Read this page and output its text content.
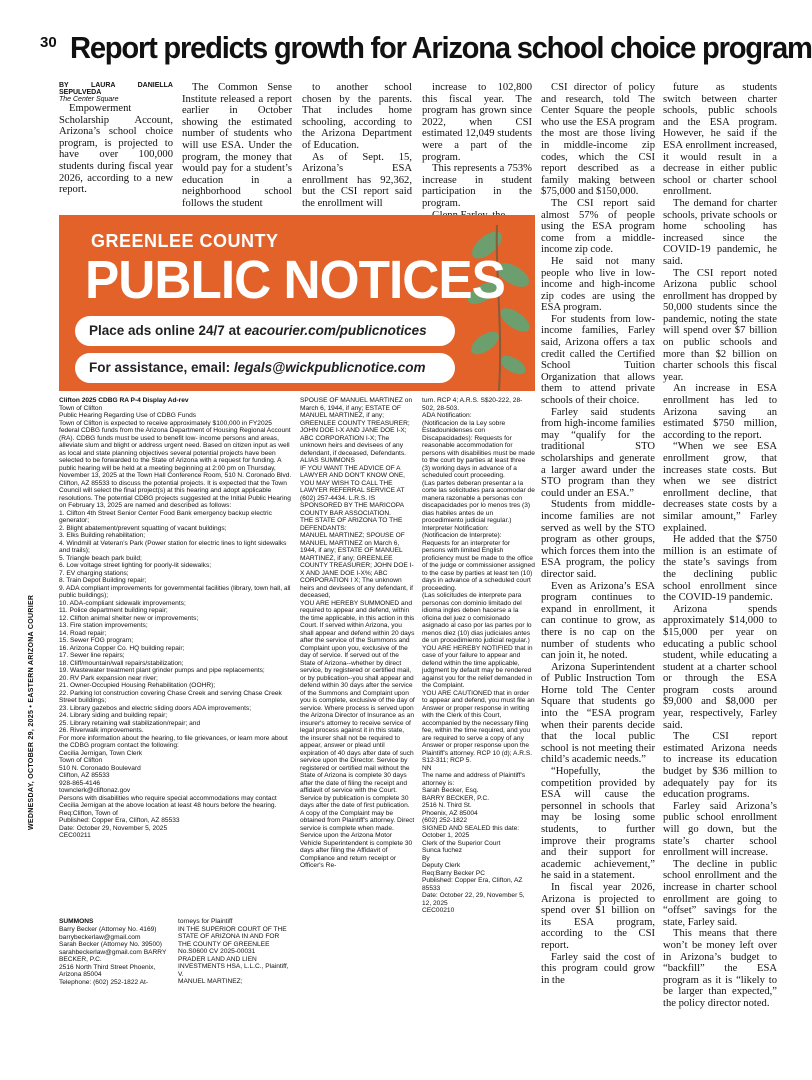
30 Report predicts growth for Arizona school choice program
WEDNESDAY, OCTOBER 29, 2025 • EASTERN ARIZONA COURIER

BY LAURA DANIELLA SEPULVEDA

The Center Square

Empowerment Scholarship Account, Arizona’s school choice program, is projected to have over 100,000 students during fiscal year 2026, according to a new report.

The Common Sense Institute released a report earlier in October showing the estimated number of students who will use ESA. Under the program, the money that would pay for a student’s education in a neighborhood school follows the student

to another school chosen by the parents. That includes home schooling, according to the Arizona Department of Education.

As of Sept. 15, Arizona’s ESA enrollment has 92,362, but the CSI report said the enrollment will

increase to 102,800 this fiscal year. The program has grown since 2022, when CSI estimated 12,049 students were a part of the program.

This represents a 753% increase in student participation in the program.

CSI director of policy and research, told The Center Square the people who use the ESA program the most are those living in middle-income zip codes, which the CSI report described as a family making between $75,000 and $150,000.

The CSI report said almost 57% of people using the ESA program come from a middle-income zip code.

He said not many people who live in low-income and high-income zip codes are using the ESA program.

For students from low-income families, Farley said, Arizona offers a tax credit called the Certified School Tuition Organization that allows them to attend private schools of their choice.

Farley said students from high-income families may “qualify for the traditional STO scholarships and generate a larger award under the STO program than they could under an ESA.”

Students from middle-income families are not served as well by the STO program as other groups, which forces them into the ESA program, the policy director said.

Even as Arizona’s ESA program continues to expand in enrollment, it can continue to grow, as there is no cap on the number of students who can join it, he noted.

Arizona Superintendent of Public Instruction Tom Horne told The Center Square that students go into the “ESA program when their parents decide that the local public school is not meeting their child’s academic needs.”

“Hopefully, the competition provided by ESA will cause the personnel in schools that may be losing some students, to further improve their programs and their support for academic achievement,” he said in a statement.

In fiscal year 2026, Arizona is projected to spend over $1 billion on its ESA program, according to the CSI report.

Farley said the cost of this program could grow in the

future as students switch between charter schools, public schools and the ESA program. However, he said if the ESA enrollment increased, it would result in a decrease in either public school or charter school enrollment.

The demand for charter schools, private schools or home schooling has increased since the COVID-19 pandemic, he said.

The CSI report noted Arizona public school enrollment has dropped by 50,000 students since the pandemic, noting the state will spend over $7 billion on public schools and more than $2 billion on charter schools this fiscal year.

An increase in ESA enrollment has led to Arizona saving an estimated $750 million, according to the report.

“When we see ESA enrollment grow, that increases state costs. But when we see district enrollment decline, that decreases state costs by a similar amount,” Farley explained.

He added that the $750 million is an estimate of the state’s savings from the declining public school enrollment since the COVID-19 pandemic.

Arizona spends approximately $14,000 to $15,000 per year on educating a public school student, while educating a student at a charter school or through the ESA program costs around $9,000 and $8,000 per year, respectively, Farley said.

The CSI report estimated Arizona needs to increase its education budget by $36 million to adequately pay for its education programs.

Farley said Arizona’s public school enrollment will go down, but the state’s charter school enrollment will increase.

The decline in public school enrollment and the increase in charter school enrollment are going to “offset” savings for the state, Farley said.

This means that there won’t be money left over in Arizona’s budget to “backfill” the ESA program as it is “likely to be larger than expected,” the policy director noted.

GREENLEE COUNTY
PUBLIC NOTICES
Place ads online 24/7 at eacourier.com/publicnotices
For assistance, email: legals@wickpublicnotice.com
Clifton 2025 CDBG RA P-4 Display Ad-rev
Town of Clifton
Public Hearing Regarding Use of CDBG Funds
Town of Clifton is expected to receive approximately $100,000 in FY2025 federal CDBG funds from the Arizona Department of Housing Regional Account (RA). CDBG funds must be used to benefit low- income persons and areas, alleviate slum and blight or address urgent need. Based on citizen input as well as local and state planning objectives several potential projects have been selected to be forwarded to the State of Arizona with a request for funding. A public hearing will be held at a meeting beginning at 2:00 pm on Thursday, November 13, 2025 at the Town Hall Conference Room, 510 N. Coronado Blvd. Clifton, AZ 85533 to discuss the potential projects. It is expected that the Town Council will select the final project(s) at this hearing and adopt applicable resolutions. The potential CDBG projects suggested at the Initial Public Hearing on February 13, 2025 are named and described as follows:
1. Clifton 4th Street Senior Center Food Bank emergency backup electric generator;
2. Blight abatement/prevent squatting of vacant buildings;
3. Elks Building rehabilitation;
4. Windmill at Veteran’s Park (Power station for electric lines to light sidewalks and trails);
5. Triangle beach park build;
6. Low voltage street lighting for poorly-lit sidewalks;
7. EV charging stations;
8. Train Depot Building repair;
9. ADA compliant improvements for governmental facilities (library, town hall, all public buildings);
10. ADA-compliant sidewalk improvements;
11. Police department building repair;
12. Clifton animal shelter new or improvements;
13. Fire station improvements;
14. Road repair;
15. Sewer FOG program;
16. Arizona Copper Co. HQ building repair;
17. Sewer line repairs;
18. Cliff/mountain/wall repairs/stabilization;
19. Wastewater treatment plant grinder pumps and pipe replacements;
20. RV Park expansion near river;
21. Owner-Occupied Housing Rehabilitation (OOHR);
22. Parking lot construction covering Chase Creek and serving Chase Creek Street buildings;
23. Library gazebos and electric sliding doors ADA improvements;
24. Library siding and building repair;
25. Library retaining wall stabilization/repair; and
26. Riverwalk improvements.
For more information about the hearing, to file grievances, or learn more about the CDBG program contact the following:
Cecilia Jernigan, Town Clerk
Town of Clifton
510 N. Coronado Boulevard
Clifton, AZ 85533
928-865-4146
townclerk@cliftonaz.gov
Persons with disabilities who require special accommodations may contact Cecilia Jernigan at the above location at least 48 hours before the hearing.
Req:Clifton, Town of
Published: Copper Era, Clifton, AZ 85533
Date: October 29, November 5, 2025
CEC00211
SUMMONS
Barry Becker (Attorney No. 4169)
barrybeckerlaw@gmail.com
Sarah Becker (Attorney No. 39500) sarahbeckerlaw@gmail.com BARRY BECKER, P.C.
2516 North Third Street Phoenix, Arizona 85004
Telephone: (602) 252-1822 At-
torneys for Plaintiff
IN THE SUPERIOR COURT OF THE STATE OF ARIZONA IN AND FOR THE COUNTY OF GREENLEE
No.S0600 CV 2025-00031
PRADER LAND AND LIEN INVESTMENTS HSA, L.L.C., Plaintiff,
V.
MANUEL MARTINEZ;
SPOUSE OF MANUEL MARTINEZ on March 6, 1944, if any; ESTATE OF MANUEL MARTINEZ, if any; GREENLEE COUNTY TREASURER; JOHN DOE I-X AND JANE DOE I-X; ABC CORPORATION I-X; The unknown heirs and devisees of any defendant, if deceased, Defendants.
ALIAS SUMMONS
IF YOU WANT THE ADVICE OF A LAWYER AND DON'T KNOW ONE, YOU MAY WISH TO CALL THE LAWYER REFERRAL SERVICE AT (602) 257-4434. L.R.S. IS SPONSORED BY THE MARICOPA COUNTY BAR ASSOCIATION.
THE STATE OF ARIZONA TO THE DEFENDANTS:
MANUEL MARTINEZ; SPOUSE OF MANUEL MARTINEZ on March 6, 1944, if any; ESTATE OF MANUEL MARTINEZ, if any; GREENLEE COUNTY TREASURER; JOHN DOE I-X AND JANE DOE I-X%; ABC CORPORATION I X; The unknown heirs and devisees of any defendant, if deceased,
YOU ARE HEREBY SUMMONED and required to appear and defend, within the time applicable, in this action in this Court. If served within Arizona, you shall appear and defend within 20 days after the service of the Summons and Complaint upon you, exclusive of the day of service. If served out of the State of Arizona--whether by direct service, by registered or certified mail, or by publication--you shall appear and defend within 30 days after the service of the Summons and Complaint upon you is complete, exclusive of the day of service. Where process is served upon the Arizona Director of Insurance as an insurer's attorney to receive service of legal process against it in this state, the insurer shall not be required to appear, answer or plead until expiration of 40 days after date of such service upon the Director. Service by registered or certified mail without the State of Arizona is complete 30 days after the date of filing the receipt and affidavit of service with the Court. Service by publication is complete 30 days after the date of first publication. A copy of the Complaint may be obtained from Plaintiff's attorney. Direct service is complete when made. Service upon the Arizona Motor Vehicle Superintendent is complete 30 days after filing the Affidavit of Compliance and return receipt or Officer's Re-
turn. RCP 4; A.R.S. S$20-222, 28-502, 28-503.
ADA Notification:
(Notificacion de la Ley sobre Estadounidenses con Discapacidades): Requests for reasonable accommodation for persons with disabilities must be made to the court by parties at least three (3) working days in advance of a scheduled court proceeding.
(Las partes deberan presentar a la corte las solicitudes para acomodar de manera razonable a personas con discapacidades por lo menos tres (3) dias habiles antes de un procedimiento judicial regular.)
Interpreter Notification:
(Notificacion de Interprete):
Requests for an interpreter for persons with limited English proficiency must be made to the office of the judge or commissioner assigned to the case by parties at least ten (10) days in advance of a scheduled court proceeding.
(Las solicitudes de interprete para personas con dominio limitado del idioma ingles deben hacerse a la oficina del juez o comisionado asignado al caso por las partes por lo menos diez (10) dias judiciales antes de un procedimiento judicial regular.)
YOU ARE HEREBY NOTIFIED that in case of your failure to appear and defend within the time applicable, judgment by default may be rendered against you for the relief demanded in the Complaint.
YOU ARE CAUTIONED that in order to appear and defend, you must file an Answer or proper response in writing with the Clerk of this Court, accompanied by the necessary filing fee, within the time required, and you are required to serve a copy of any Answer or proper response upon the Plaintiff's attorney. RCP 10 (d); A.R.S. S12-311; RCP 5.
NN
The name and address of Plaintiff's attorney is:
Sarah Becker, Esq.
BARRY BECKER, P.C.
2516 N. Third St.
Phoenix, AZ 85004
(602) 252-1822
SIGNED AND SEALED this date:
October 1, 2025
Clerk of the Superior Court
Sunca fuchez
By
Deputy Clerk
Req:Barry Becker PC
Published: Copper Era, Clifton, AZ 85533
Date: October 22, 29, November 5, 12, 2025
CEC00210
